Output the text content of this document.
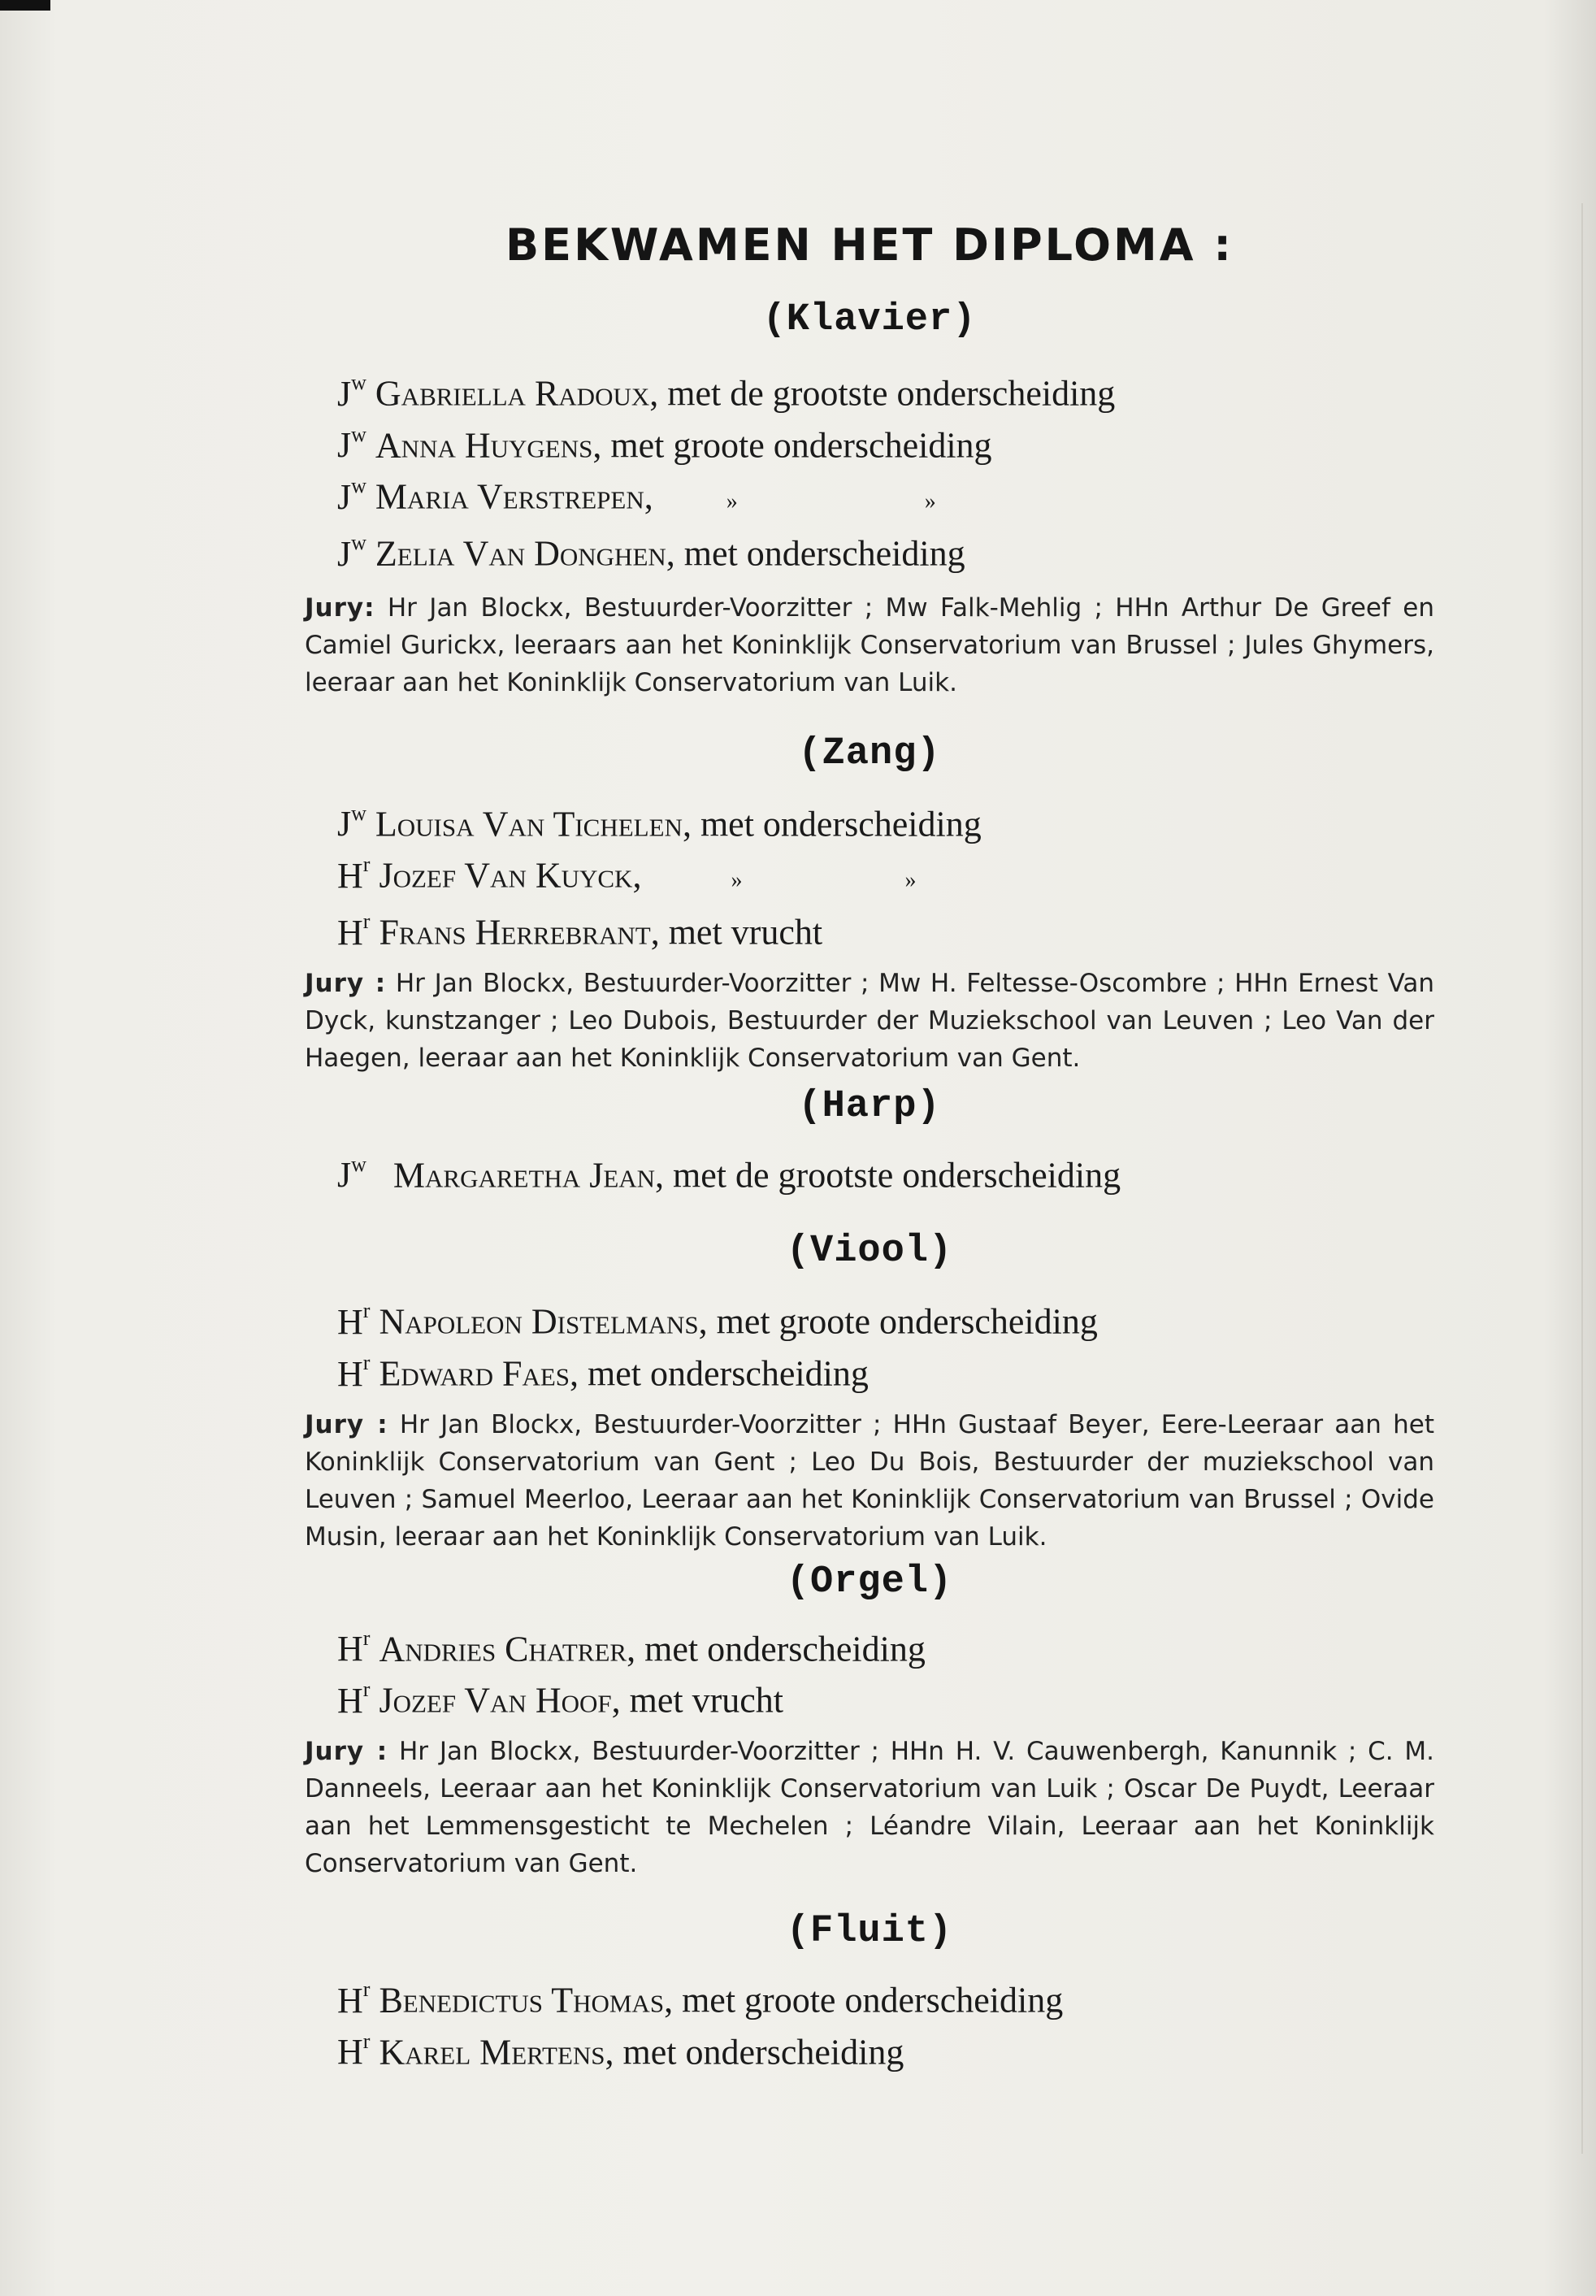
BEKWAMEN HET DIPLOMA :
(Klavier)
$J^w$ Gabriella Radoux, met de grootste onderscheiding
$J^w$ Anna Huygens, met groote onderscheiding
$J^w$ Maria Verstrepen,	»	»
$J^w$ Zelia Van Donghen, met onderscheiding

Jury: Hr Jan Blockx, Bestuurder-Voorzitter ; Mw Falk-Mehlig ; HHn Arthur De Greef en Camiel Gurickx, leeraars aan het Koninklijk Conservatorium van Brussel ; Jules Ghymers, leeraar aan het Koninklijk Conservatorium van Luik.

(Zang)
$J^w$ Louisa Van Tichelen, met onderscheiding
$H^r$ Jozef Van Kuyck,	»	»
$H^r$ Frans Herrebrant, met vrucht

Jury : Hr Jan Blockx, Bestuurder-Voorzitter ; Mw H. Feltesse-Oscombre ; HHn Ernest Van Dyck, kunstzanger ; Leo Dubois, Bestuurder der Muziekschool van Leuven ; Leo Van der Haegen, leeraar aan het Koninklijk Conservatorium van Gent.

(Harp)
$J^w$ Margaretha Jean, met de grootste onderscheiding
(Viool)
$H^r$ Napoleon Distelmans, met groote onderscheiding
$H^r$ Edward Faes, met onderscheiding

Jury : Hr Jan Blockx, Bestuurder-Voorzitter ; HHn Gustaaf Beyer, Eere-Leeraar aan het Koninklijk Conservatorium van Gent ; Leo Du Bois, Bestuurder der muziekschool van Leuven ; Samuel Meerloo, Leeraar aan het Koninklijk Conservatorium van Brussel ; Ovide Musin, leeraar aan het Koninklijk Conservatorium van Luik.

(Orgel)
$H^r$ Andries Chatrer, met onderscheiding
$H^r$ Jozef Van Hoof, met vrucht

Jury : Hr Jan Blockx, Bestuurder-Voorzitter ; HHn H. V. Cauwenbergh, Kanunnik ; C. M. Danneels, Leeraar aan het Koninklijk Conservatorium van Luik ; Oscar De Puydt, Leeraar aan het Lemmensgesticht te Mechelen ; Léandre Vilain, Leeraar aan het Koninklijk Conservatorium van Gent.

(Fluit)
$H^r$ Benedictus Thomas, met groote onderscheiding
$H^r$ Karel Mertens, met onderscheiding
